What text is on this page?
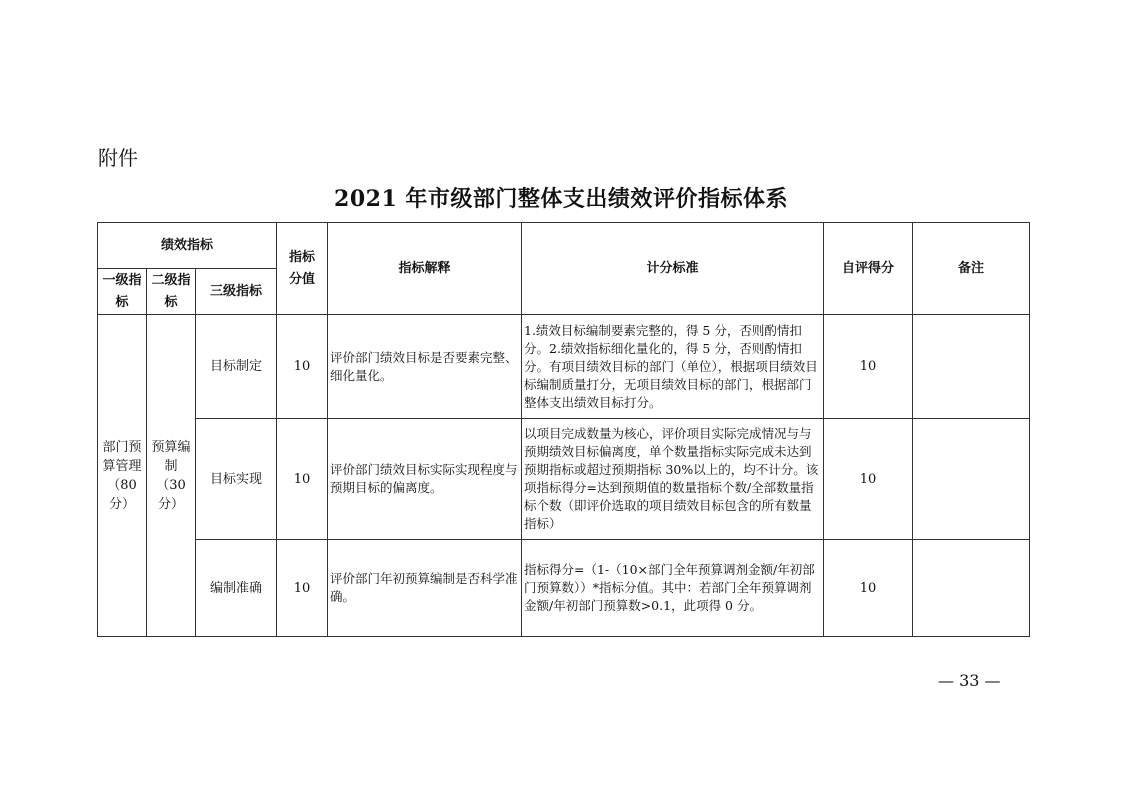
附件
2021 年市级部门整体支出绩效评价指标体系
绩效指标			指标分值	指标解释	计分标准	自评得分	备注
一级指标	二级指标	三级指标					
部门预算管理（80分）	预算编制（30分）	目标制定	10	评价部门绩效目标是否要素完整、细化量化。	1.绩效目标编制要素完整的，得 5 分，否则酌情扣分。2.绩效指标细化量化的，得 5 分，否则酌情扣分。有项目绩效目标的部门（单位），根据项目绩效目标编制质量打分，无项目绩效目标的部门，根据部门整体支出绩效目标打分。	10	
		目标实现	10	评价部门绩效目标实际实现程度与预期目标的偏离度。	以项目完成数量为核心，评价项目实际完成情况与与预期绩效目标偏离度，单个数量指标实际完成未达到预期指标或超过预期指标 30%以上的，均不计分。该项指标得分=达到预期值的数量指标个数/全部数量指标个数（即评价选取的项目绩效目标包含的所有数量指标）	10	
		编制准确	10	评价部门年初预算编制是否科学准确。	指标得分=（1-（10×部门全年预算调剂金额/年初部门预算数））*指标分值。其中：若部门全年预算调剂金额/年初部门预算数>0.1，此项得 0 分。	10	
— 33 —
